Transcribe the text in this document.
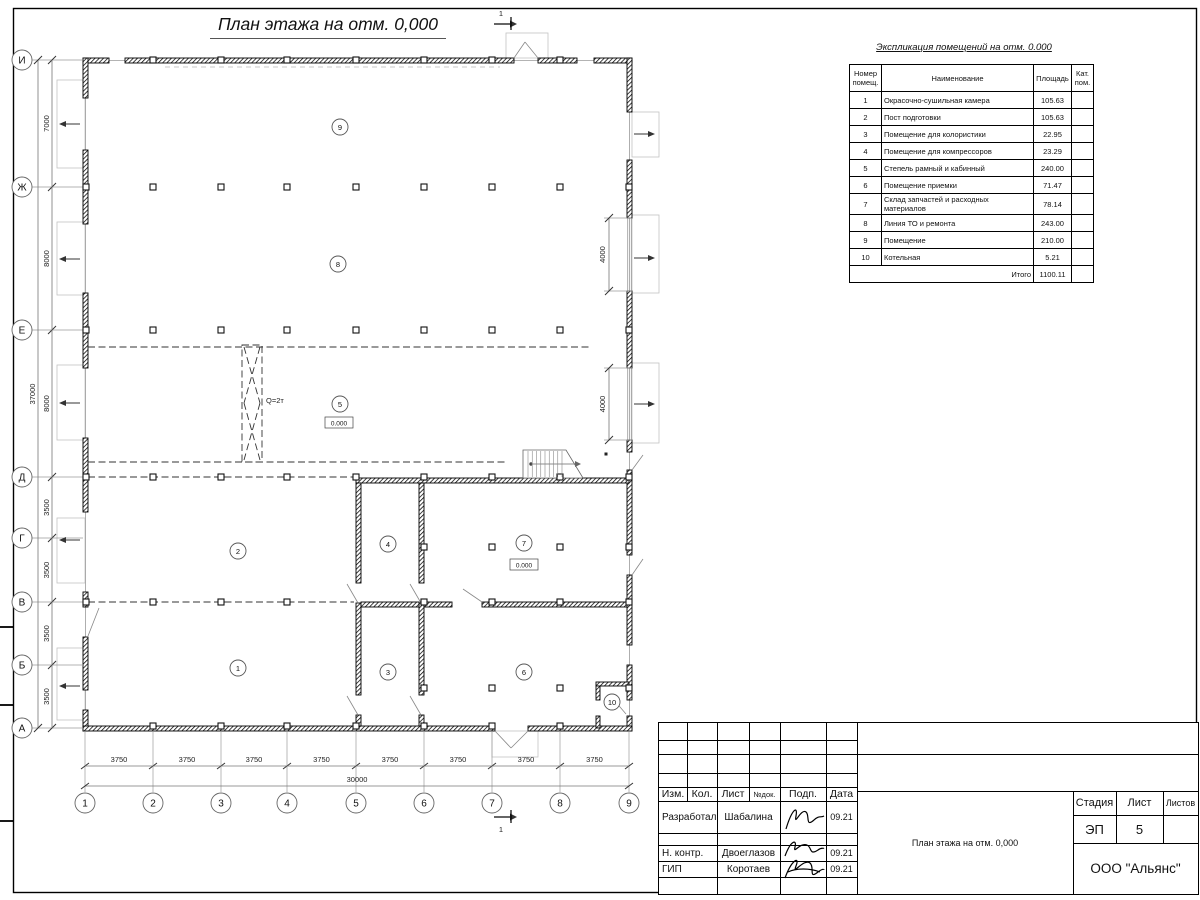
Q=2т
1
1
И
Ж
Е
Д
Г
В
Б
А
7000
8000
8000
3500
3500
3500
3500
37000
1	2	3	4	5	6	7	8	9
3750	3750	3750	3750	3750	3750	3750	3750
30000
4000
4000
1
2
3
4
5
6
7
8
9
10
0.000
0.000
План этажа на отм. 0,000
Экспликация помещений на отм. 0.000
Номер помещ.	Наименование	Площадь	Кат. пом.
1	Окрасочно-сушильная камера	105.63	
2	Пост подготовки	105.63	
3	Помещение для колористики	22.95	
4	Помещение для компрессоров	23.29	
5	Степель рамный и кабинный	240.00	
6	Помещение приемки	71.47	
7	Склад запчастей и расходных материалов	78.14	
8	Линия ТО и ремонта	243.00	
9	Помещение	210.00	
10	Котельная	5.21	
Итого		1100.11	
Стадия	Лист	Листов
ЭП	5
План этажа на отм. 0,000
ООО "Альянс"
Изм. Кол. Лист	№док.	Подп.	Дата
Разработал Шабалина	09.21
Н. контр.	Двоеглазов	09.21
ГИП	Коротаев	09.21
